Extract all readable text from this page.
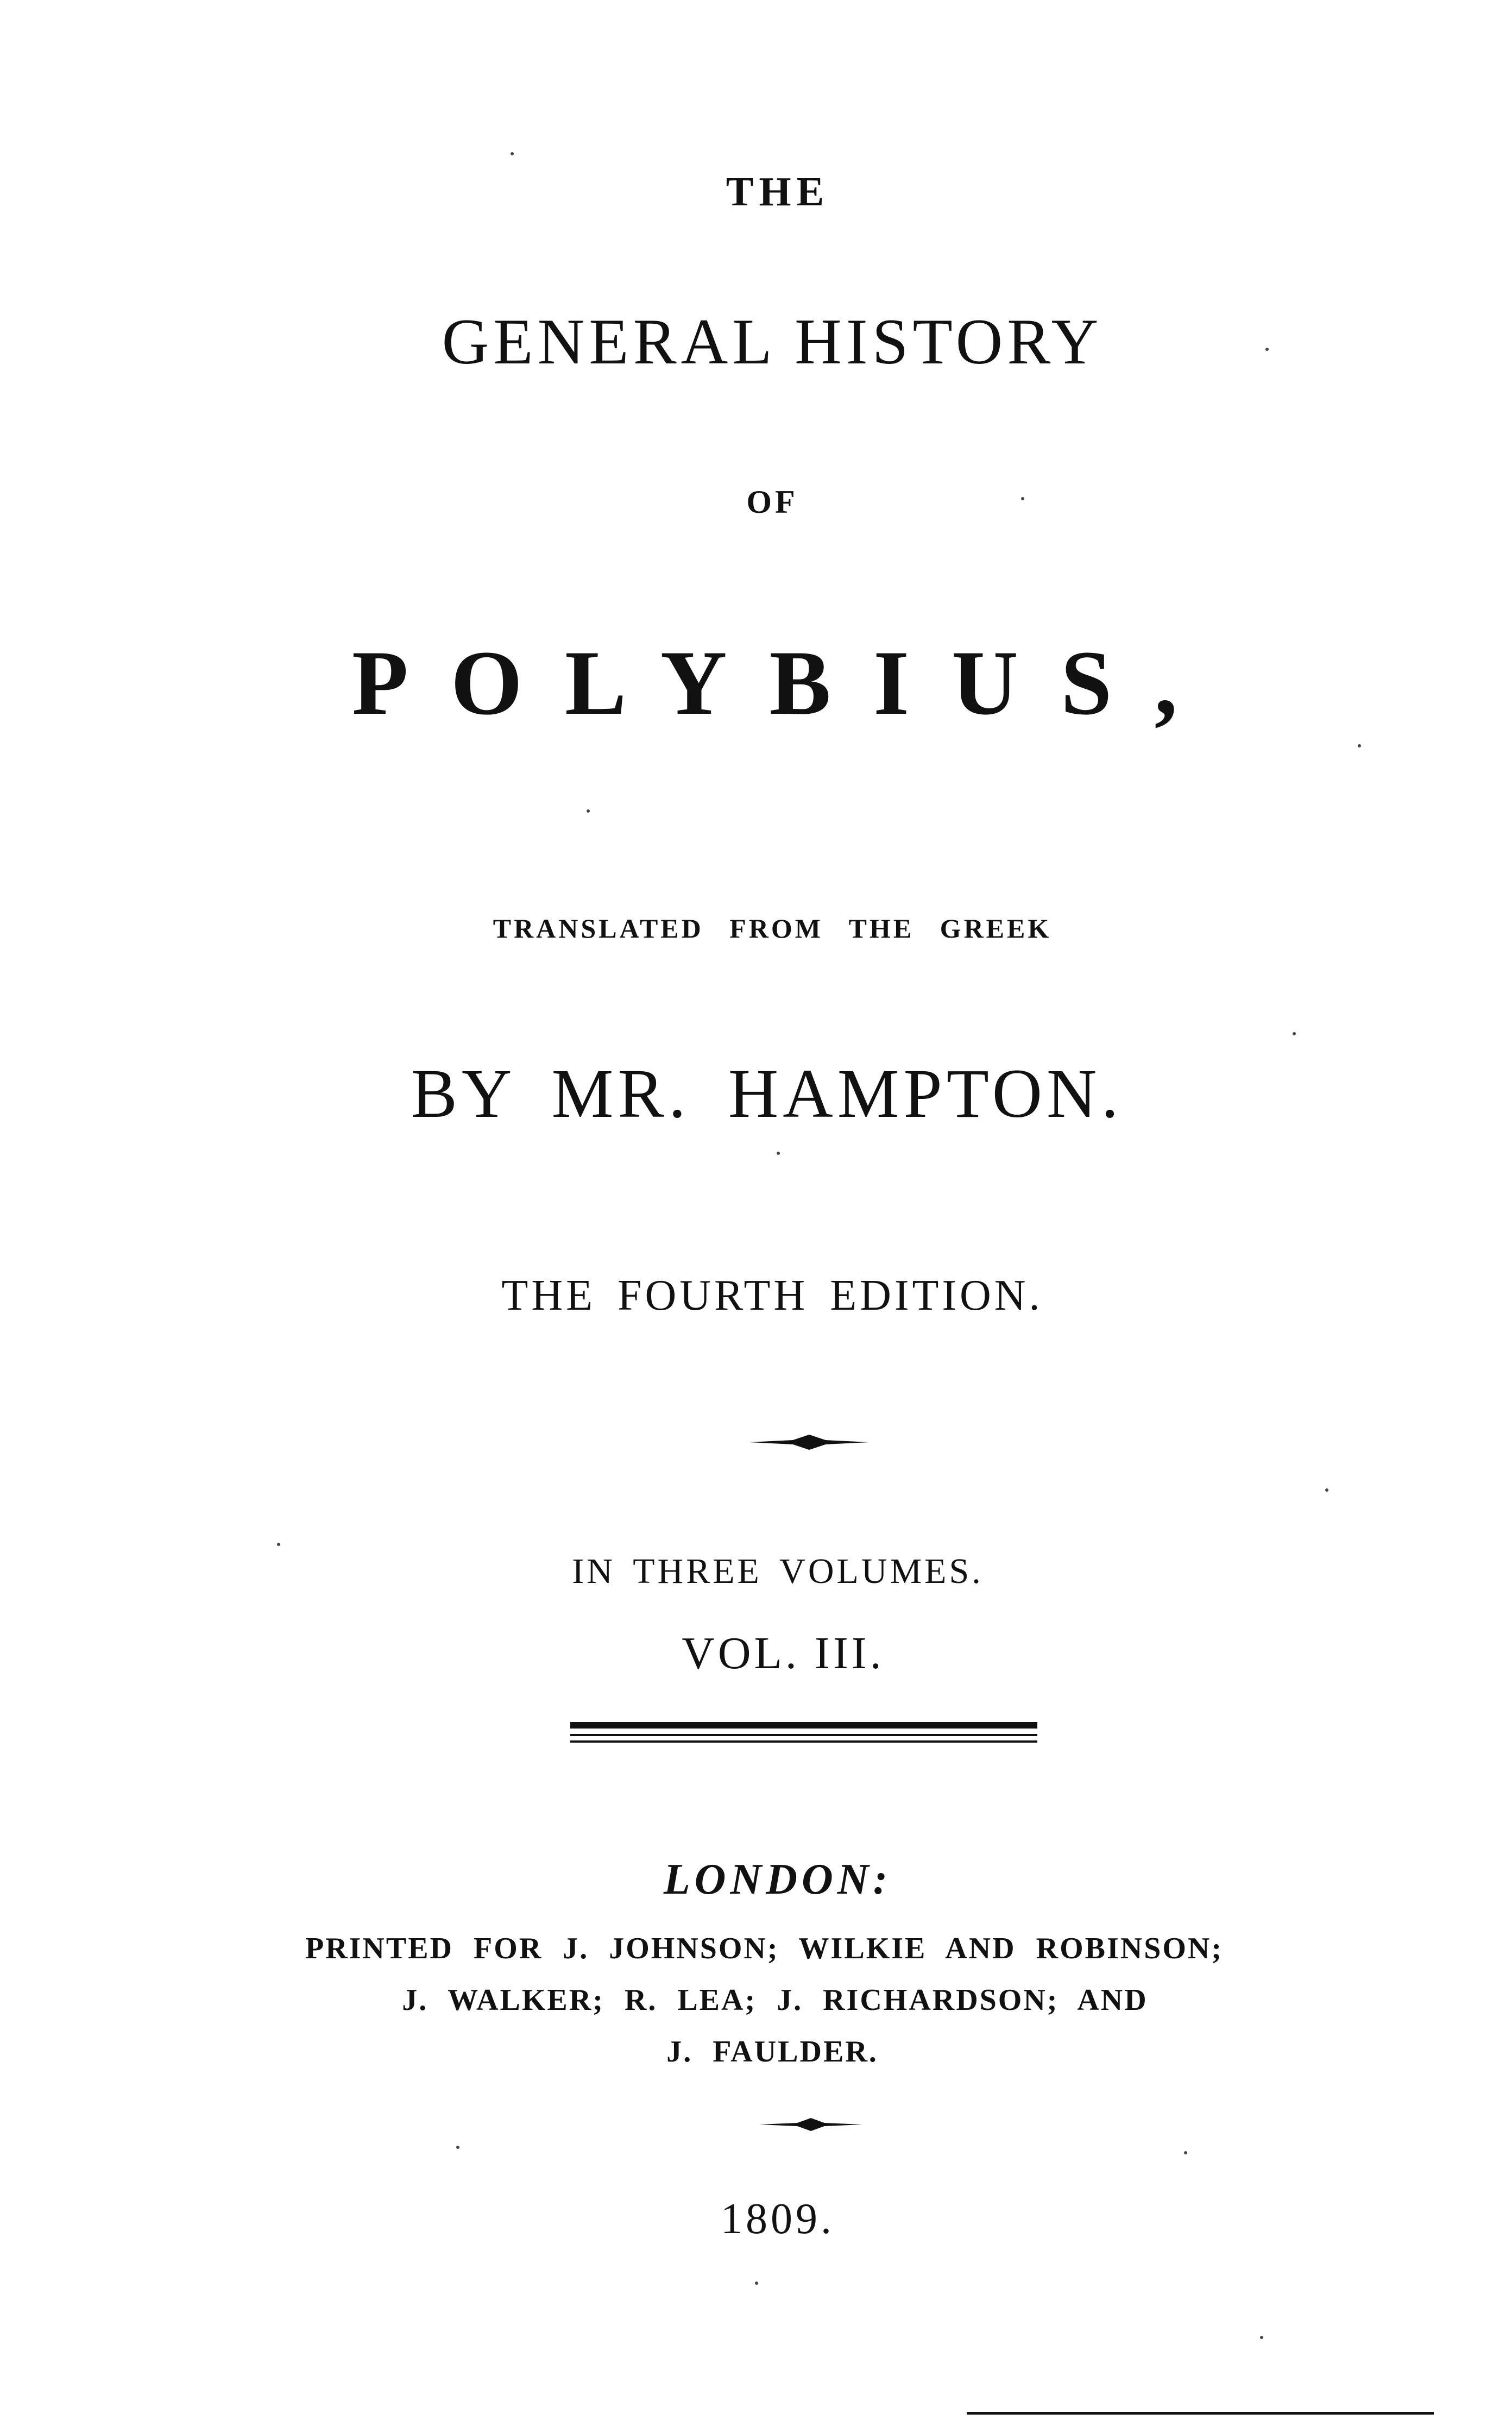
THE
GENERAL HISTORY
OF
POLYBIUS,
TRANSLATED FROM THE GREEK
BY MR. HAMPTON.
THE FOURTH EDITION.
IN THREE VOLUMES.
VOL. III.
LONDON:
PRINTED FOR J. JOHNSON; WILKIE AND ROBINSON;
J. WALKER; R. LEA; J. RICHARDSON; AND
J. FAULDER.
1809.
